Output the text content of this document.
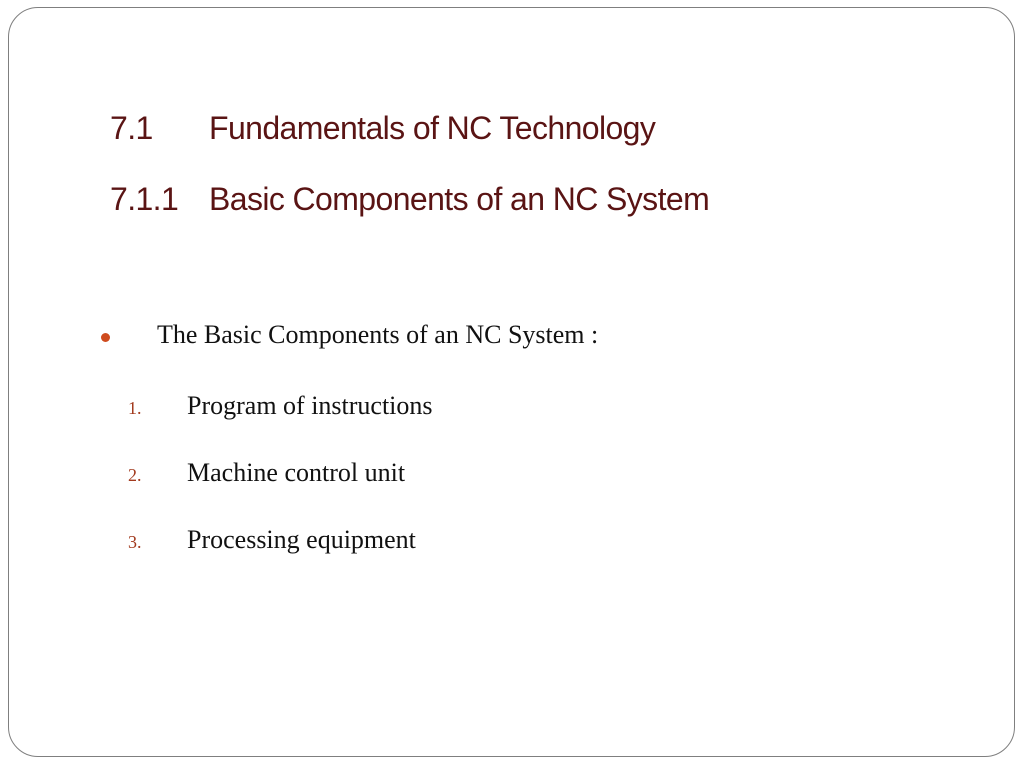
7.1 Fundamentals of NC Technology
7.1.1 Basic Components of an NC System
The Basic Components of an NC System :
1. Program of instructions
2. Machine control unit
3. Processing equipment
